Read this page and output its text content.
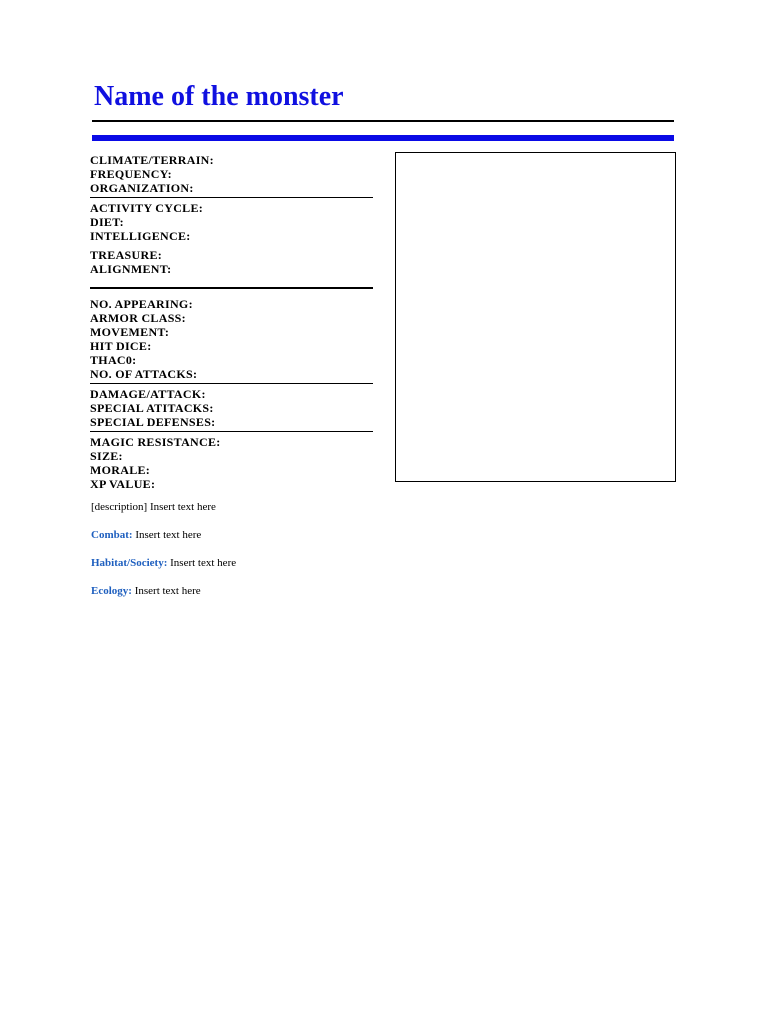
Name of the monster
CLIMATE/TERRAIN:
FREQUENCY:
ORGANIZATION:
ACTIVITY CYCLE:
DIET:
INTELLIGENCE:
TREASURE:
ALIGNMENT:
NO. APPEARING:
ARMOR CLASS:
MOVEMENT:
HIT DICE:
THAC0:
NO. OF ATTACKS:
DAMAGE/ATTACK:
SPECIAL ATITACKS:
SPECIAL DEFENSES:
MAGIC RESISTANCE:
SIZE:
MORALE:
XP VALUE:

[description] Insert text here

Combat: Insert text here

Habitat/Society: Insert text here

Ecology: Insert text here
